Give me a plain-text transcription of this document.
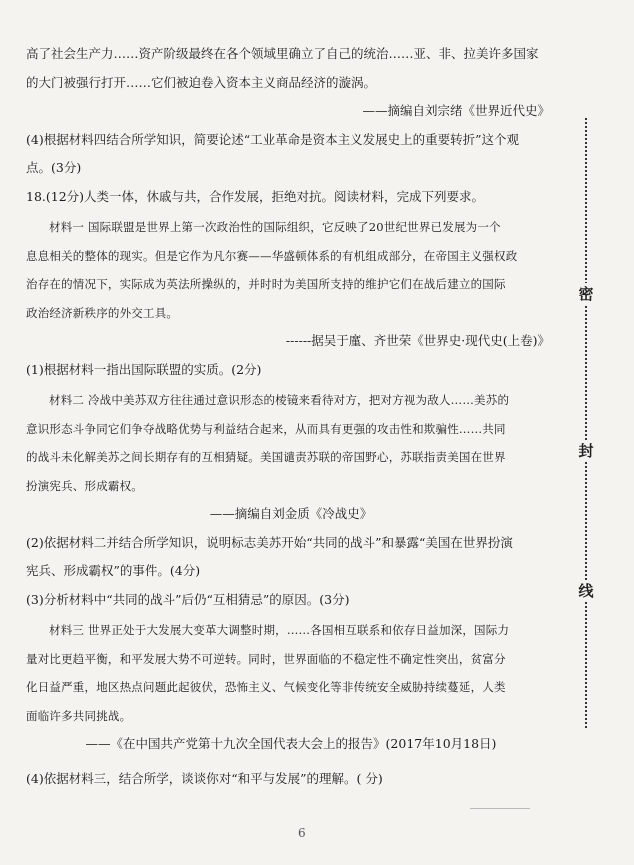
高了社会生产力……资产阶级最终在各个领域里确立了自己的统治……亚、非、拉美许多国家

的大门被强行打开……它们被迫卷入资本主义商品经济的漩涡。

——摘编自刘宗绪《世界近代史》

(4)根据材料四结合所学知识，简要论述“工业革命是资本主义发展史上的重要转折”这个观

点。(3分)

18.(12分)人类一体，休戚与共，合作发展，拒绝对抗。阅读材料，完成下列要求。

材料一 国际联盟是世界上第一次政治性的国际组织，它反映了20世纪世界已发展为一个

息息相关的整体的现实。但是它作为凡尔赛——华盛顿体系的有机组成部分，在帝国主义强权政

治存在的情况下，实际成为英法所操纵的，并时时为美国所支持的维护它们在战后建立的国际

政治经济新秩序的外交工具。

------据吴于廑、齐世荣《世界史·现代史(上卷)》

(1)根据材料一指出国际联盟的实质。(2分)

材料二 冷战中美苏双方往往通过意识形态的棱镜来看待对方，把对方视为敌人……美苏的

意识形态斗争同它们争夺战略优势与利益结合起来，从而具有更强的攻击性和欺骗性……共同

的战斗未化解美苏之间长期存有的互相猜疑。美国谴责苏联的帝国野心，苏联指责美国在世界

扮演宪兵、形成霸权。

——摘编自刘金质《冷战史》

(2)依据材料二并结合所学知识，说明标志美苏开始“共同的战斗”和暴露“美国在世界扮演

宪兵、形成霸权”的事件。(4分)

(3)分析材料中“共同的战斗”后仍“互相猜忌”的原因。(3分)

材料三 世界正处于大发展大变革大调整时期，……各国相互联系和依存日益加深，国际力

量对比更趋平衡，和平发展大势不可逆转。同时，世界面临的不稳定性不确定性突出，贫富分

化日益严重，地区热点问题此起彼伏，恐怖主义、气候变化等非传统安全威胁持续蔓延，人类

面临许多共同挑战。

——《在中国共产党第十九次全国代表大会上的报告》(2017年10月18日)

(4)依据材料三，结合所学，谈谈你对“和平与发展”的理解。( 分)

密
封
线
6
